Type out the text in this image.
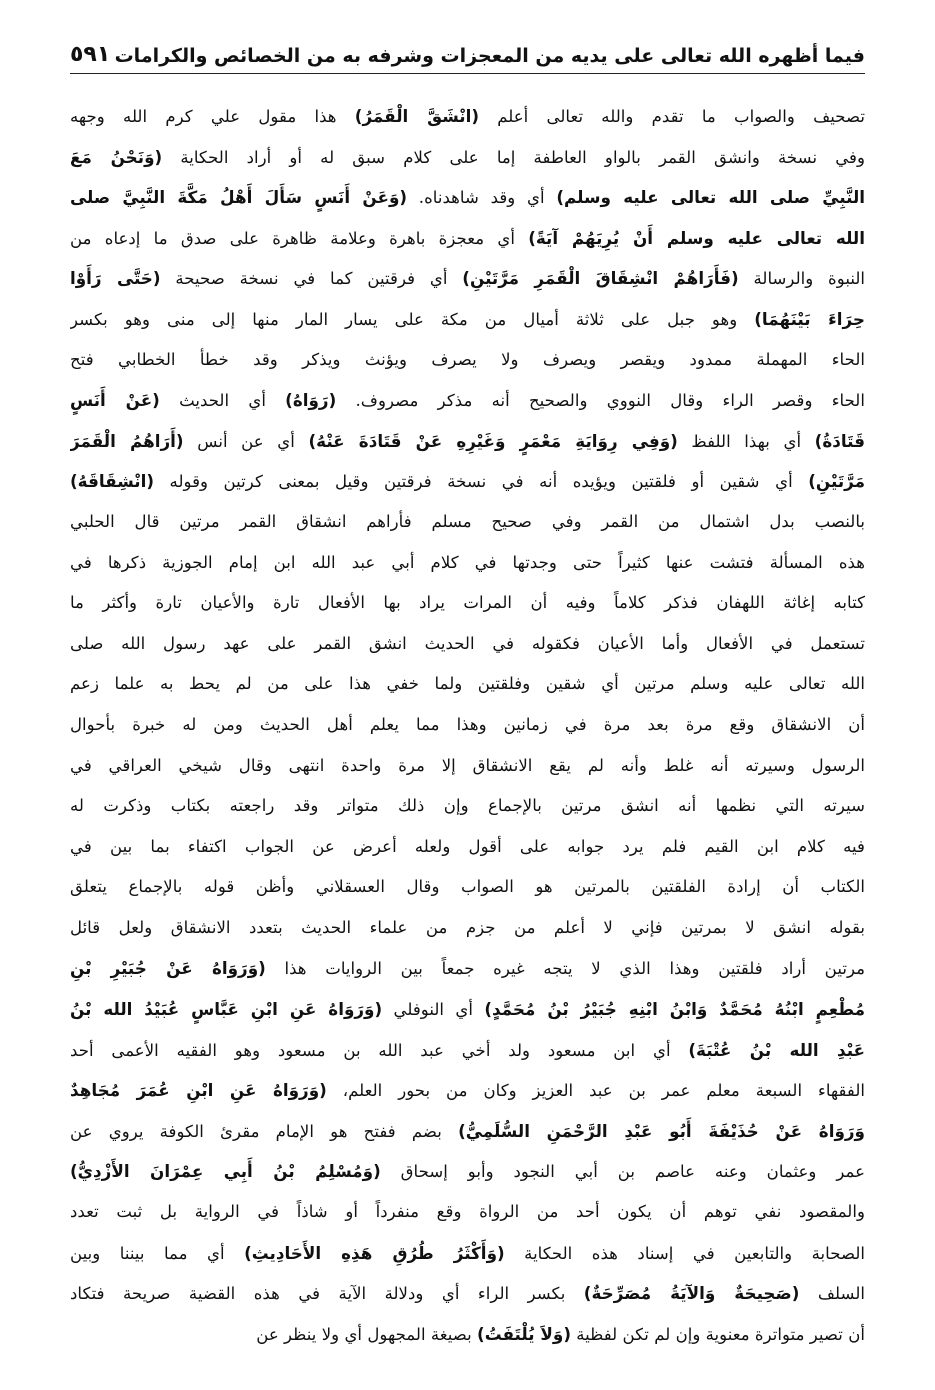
فيما أظهره الله تعالى على يديه من المعجزات وشرفه به من الخصائص والكرامات
٥٩١
تصحيف والصواب ما تقدم والله تعالى أعلم (انْشَقَّ الْقَمَرُ) هذا مقول علي كرم الله وجهه
وفي نسخة وانشق القمر بالواو العاطفة إما على كلام سبق له أو أراد الحكاية (وَنَحْنُ مَعَ
النَّبِيِّ صلى الله تعالى عليه وسلم) أي وقد شاهدناه. (وَعَنْ أَنَسٍ سَأَلَ أَهْلُ مَكَّةَ النَّبِيَّ صلى
الله تعالى عليه وسلم أَنْ يُرِيَهُمْ آيَةً) أي معجزة باهرة وعلامة ظاهرة على صدق ما إدعاه من
النبوة والرسالة (فَأَرَاهُمْ انْشِقَاقَ الْقَمَرِ مَرَّتَيْنِ) أي فرقتين كما في نسخة صحيحة (حَتَّى رَأَوْا
حِرَاءَ بَيْنَهُمَا) وهو جبل على ثلاثة أميال من مكة على يسار المار منها إلى منى وهو بكسر
الحاء المهملة ممدود ويقصر ويصرف ولا يصرف ويؤنث ويذكر وقد خطأ الخطابي فتح
الحاء وقصر الراء وقال النووي والصحيح أنه مذكر مصروف. (رَوَاهُ) أي الحديث (عَنْ أَنَسٍ
قَتَادَةُ) أي بهذا اللفظ (وَفِي رِوَايَةِ مَعْمَرٍ وَغَيْرِهِ عَنْ قَتَادَةَ عَنْهُ) أي عن أنس (أَرَاهُمُ الْقَمَرَ
مَرَّتَيْنِ) أي شقين أو فلقتين ويؤيده أنه في نسخة فرقتين وقيل بمعنى كرتين وقوله (انْشِقَاقَهُ)
بالنصب بدل اشتمال من القمر وفي صحيح مسلم فأراهم انشقاق القمر مرتين قال الحلبي
هذه المسألة فتشت عنها كثيراً حتى وجدتها في كلام أبي عبد الله ابن إمام الجوزية ذكرها في
كتابه إغاثة اللهفان فذكر كلاماً وفيه أن المرات يراد بها الأفعال تارة والأعيان تارة وأكثر ما
تستعمل في الأفعال وأما الأعيان فكقوله في الحديث انشق القمر على عهد رسول الله صلى
الله تعالى عليه وسلم مرتين أي شقين وفلقتين ولما خفي هذا على من لم يحط به علما زعم
أن الانشقاق وقع مرة بعد مرة في زمانين وهذا مما يعلم أهل الحديث ومن له خبرة بأحوال
الرسول وسيرته أنه غلط وأنه لم يقع الانشقاق إلا مرة واحدة انتهى وقال شيخي العراقي في
سيرته التي نظمها أنه انشق مرتين بالإجماع وإن ذلك متواتر وقد راجعته بكتاب وذكرت له
فيه كلام ابن القيم فلم يرد جوابه على أقول ولعله أعرض عن الجواب اكتفاء بما بين في
الكتاب أن إرادة الفلقتين بالمرتين هو الصواب وقال العسقلاني وأظن قوله بالإجماع يتعلق
بقوله انشق لا بمرتين فإني لا أعلم من جزم من علماء الحديث بتعدد الانشقاق ولعل قائل
مرتين أراد فلقتين وهذا الذي لا يتجه غيره جمعاً بين الروايات هذا (وَرَوَاهُ عَنْ جُبَيْرِ بْنِ
مُطْعِمٍ ابْنُهُ مُحَمَّدٌ وَابْنُ ابْنِهِ جُبَيْرُ بْنُ مُحَمَّدٍ) أي النوفلي (وَرَوَاهُ عَنِ ابْنِ عَبَّاسٍ عُبَيْدُ الله بْنُ
عَبْدِ الله بْنُ عُتْبَةَ) أي ابن مسعود ولد أخي عبد الله بن مسعود وهو الفقيه الأعمى أحد
الفقهاء السبعة معلم عمر بن عبد العزيز وكان من بحور العلم، (وَرَوَاهُ عَنِ ابْنِ عُمَرَ مُجَاهِدٌ
وَرَوَاهُ عَنْ حُذَيْفَةَ أَبُو عَبْدِ الرَّحْمَنِ السُّلَمِيُّ) بضم ففتح هو الإمام مقرئ الكوفة يروي عن
عمر وعثمان وعنه عاصم بن أبي النجود وأبو إسحاق (وَمُسْلِمُ بْنُ أَبِي عِمْرَانَ الأَزْدِيُّ)
والمقصود نفي توهم أن يكون أحد من الرواة وقع منفرداً أو شاذاً في الرواية بل ثبت تعدد
الصحابة والتابعين في إسناد هذه الحكاية (وَأَكْثَرُ طُرُقِ هَذِهِ الأَحَادِيثِ) أي مما بيننا وبين
السلف (صَحِيحَةٌ وَالآيَةُ مُصَرِّحَةٌ) بكسر الراء أي ودلالة الآية في هذه القضية صريحة فتكاد
أن تصير متواترة معنوية وإن لم تكن لفظية (وَلاَ يُلْتَفَتُ) بصيغة المجهول أي ولا ينظر عن
